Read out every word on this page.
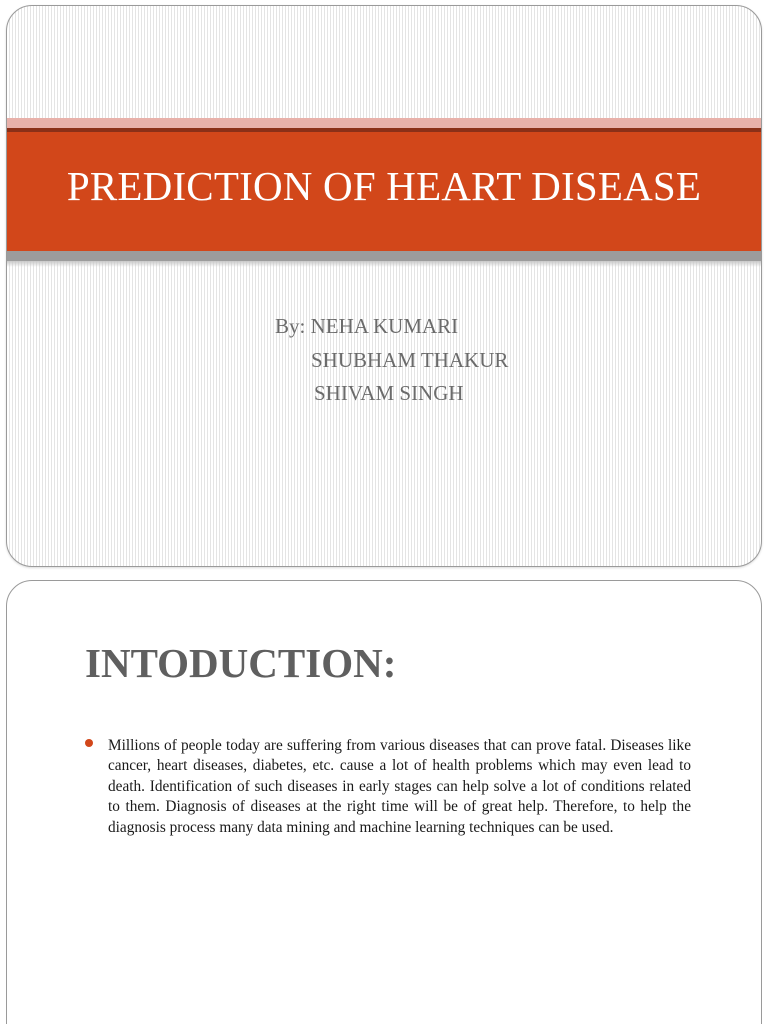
PREDICTION OF HEART DISEASE
By: NEHA KUMARI
SHUBHAM THAKUR
SHIVAM SINGH
INTODUCTION:
Millions of people today are suffering from various diseases that can prove fatal. Diseases like cancer, heart diseases, diabetes, etc. cause a lot of health problems which may even lead to death. Identification of such diseases in early stages can help solve a lot of conditions related to them. Diagnosis of diseases at the right time will be of great help. Therefore, to help the diagnosis process many data mining and machine learning techniques can be used.
